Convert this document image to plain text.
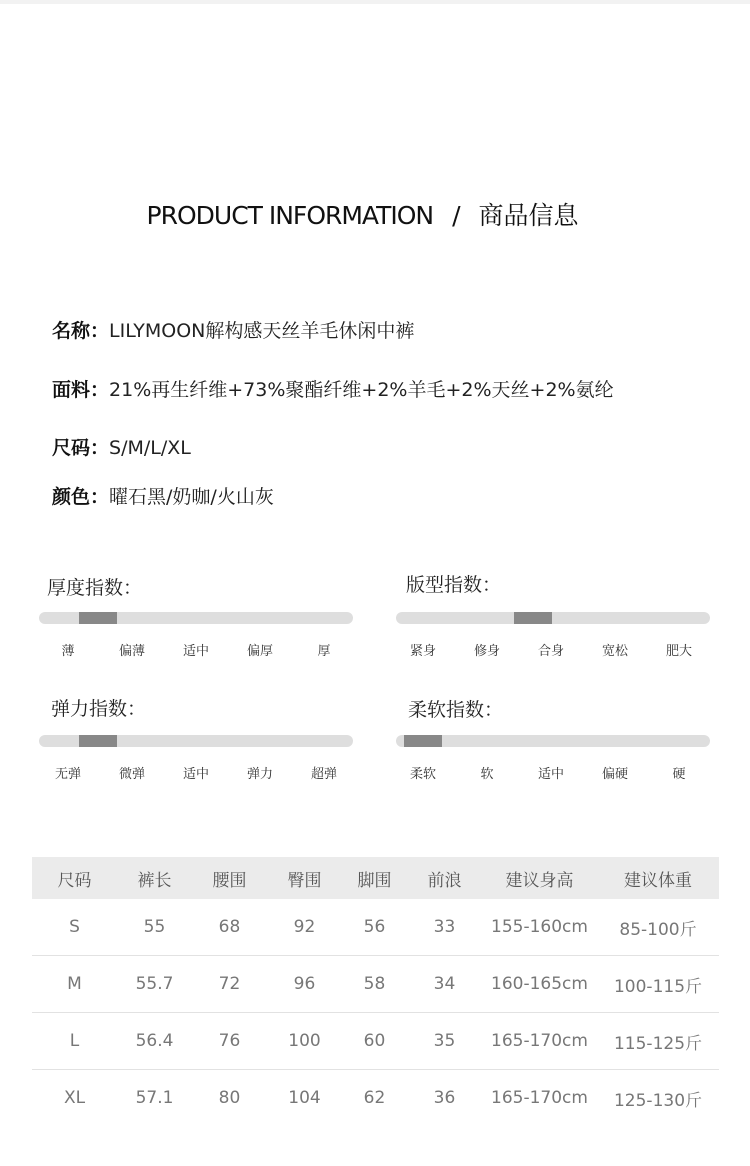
PRODUCT INFORMATION / 商品信息
名称：LILYMOON解构感天丝羊毛休闲中裤
面料：21%再生纤维+73%聚酯纤维+2%羊毛+2%天丝+2%氨纶
尺码：S/M/L/XL
颜色：曜石黑/奶咖/火山灰
厚度指数：
薄	偏薄	适中	偏厚	厚
版型指数：
紧身	修身	合身	宽松	肥大
弹力指数：
无弹	微弹	适中	弹力	超弹
柔软指数：
柔软	软	适中	偏硬	硬
尺码	裤长	腰围	臀围	脚围	前浪	建议身高	建议体重
S	55	68	92	56	33	155-160cm	85-100斤
M	55.7	72	96	58	34	160-165cm	100-115斤
L	56.4	76	100	60	35	165-170cm	115-125斤
XL	57.1	80	104	62	36	165-170cm	125-130斤
